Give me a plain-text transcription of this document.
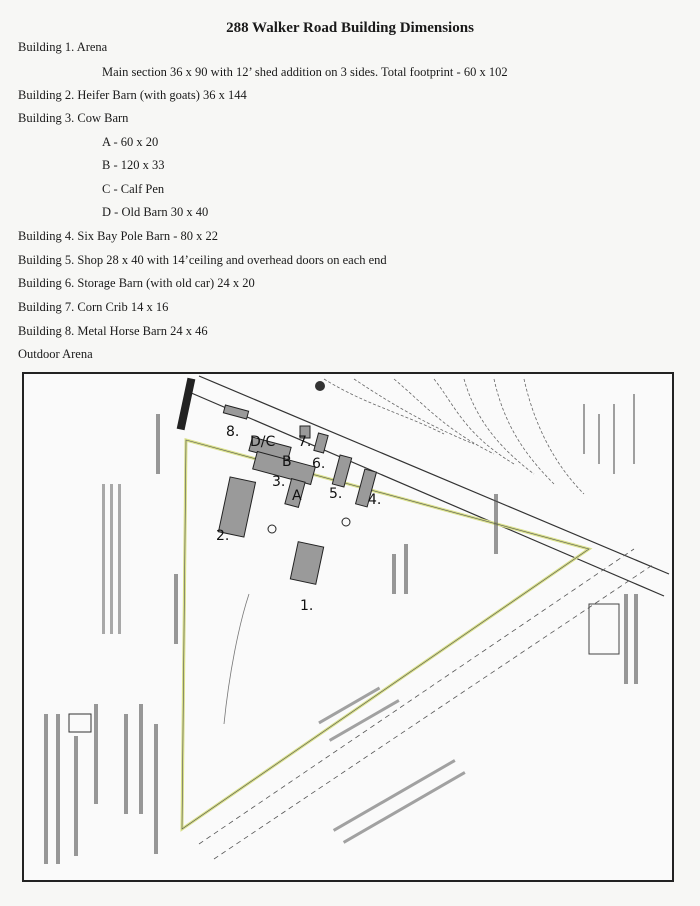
288 Walker Road Building Dimensions
Building 1. Arena
Main section 36 x 90 with 12’ shed addition on 3 sides. Total footprint - 60 x 102
Building 2. Heifer Barn (with goats) 36 x 144
Building 3. Cow Barn
A - 60 x 20
B - 120 x 33
C - Calf Pen
D - Old Barn 30 x 40
Building 4. Six Bay Pole Barn - 80 x 22
Building 5. Shop 28 x 40 with 14’ceiling and overhead doors on each end
Building 6. Storage Barn (with old car) 24 x 20
Building 7. Corn Crib 14 x 16
Building 8. Metal Horse Barn 24 x 46
Outdoor Arena
1.
2.
3.
4.
5.
6.
7.
8.
D/C
B
A
